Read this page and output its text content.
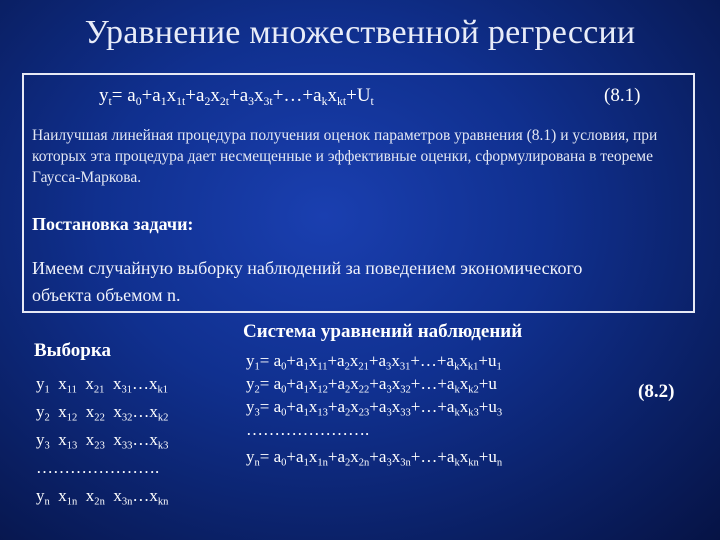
Уравнение множественной регрессии
$y_t=$ $a_0+a_1x_{1t}+a_2x_{2t}+a_3x_{3t}+\dots+a_kx_{kt}+U_t$	(8.1)
Наилучшая линейная процедура получения оценок параметров уравнения (8.1) и условия, при которых эта процедура дает несмещенные и эффективные оценки, сформулирована в теореме Гаусса-Маркова.
Постановка задачи:
Имеем случайную выборку наблюдений за поведением экономического объекта объемом n.
Выборка
$y_1$  $x_{11}$  $x_{21}$  $x_{31}\dots x_{k1}$
$y_2$  $x_{12}$  $x_{22}$  $x_{32}\dots x_{k2}$
$y_3$  $x_{13}$  $x_{23}$  $x_{33}\dots x_{k3}$
………………….
$y_n$  $x_{1n}$  $x_{2n}$  $x_{3n}\dots x_{kn}$
Система уравнений наблюдений
$y_1=$ $a_0+a_1x_{11}+a_2x_{21}+a_3x_{31}+\dots+a_kx_{k1}+u_1$
$y_2=$ $a_0+a_1x_{12}+a_2x_{22}+a_3x_{32}+\dots+a_kx_{k2}+u$
$y_3=$ $a_0+a_1x_{13}+a_2x_{23}+a_3x_{33}+\dots+a_kx_{k3}+u_3$
………………….
$y_n=$ $a_0+a_1x_{1n}+a_2x_{2n}+a_3x_{3n}+\dots+a_kx_{kn}+u_n$
(8.2)
